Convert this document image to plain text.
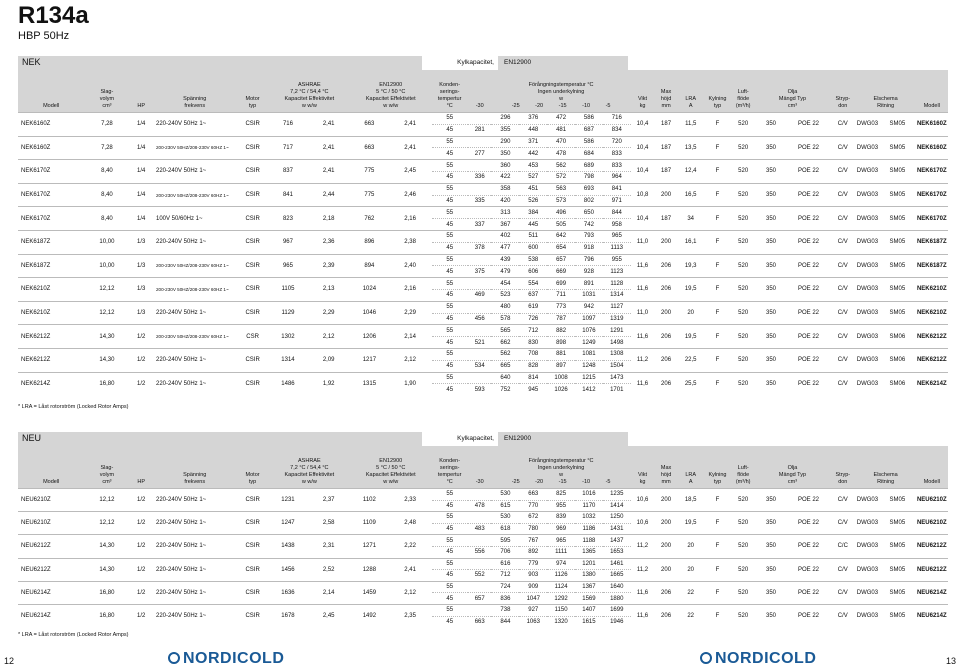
R134a
HBP 50Hz
NEK	Kylkapacitet,	EN12900
Modell	Slag-
volym
cm³	HP	Spänning
frekvens	Motor
typ	ASHRAE
7,2 °C / 54,4 °C
Kapacitet Effektivitet
w w/w	EN12900
5 °C / 50 °C
Kapacitet Effektivitet
w w/w	Konden-
serings-
tempertur
°C	-30	Förångningstemperatur °C
Ingen underkylning
w
-25 -20 -15 -10 -5	Vikt
kg	Max
höjd
mm	LRA
A	Kylning
typ	Luft-
flöde
(m³/h)	Olja
Mängd Typ
cm³	Stryp-
don	Elschema
Ritning	Modell
NEK6160Z	7,28	1/4	220-240V 50Hz 1~	CSIR	716	2,41	663	2,41	55		296	376	472	586	716	10,4	187	11,5	F	520	350	POE 22	C/V	DWG03	SM05	NEK6160Z
									45	281	355	448	481	687	834											
NEK6160Z	7,28	1/4	200-230V 50HZ/208-230V 60HZ 1~	CSIR	717	2,41	663	2,41	55		290	371	470	586	720	10,4	187	13,5	F	520	350	POE 22	C/V	DWG03	SM05	NEK6160Z
									45	277	350	442	478	684	833											
NEK6170Z	8,40	1/4	220-240V 50Hz 1~	CSIR	837	2,41	775	2,45	55		360	453	562	689	833	10,4	187	12,4	F	520	350	POE 22	C/V	DWG03	SM05	NEK6170Z
									45	336	422	527	572	798	964											
NEK6170Z	8,40	1/4	200-230V 50HZ/208-230V 60HZ 1~	CSIR	841	2,44	775	2,46	55		358	451	563	693	841	10,8	200	16,5	F	520	350	POE 22	C/V	DWG03	SM05	NEK6170Z
									45	335	420	526	573	802	971											
NEK6170Z	8,40	1/4	100V 50/60Hz 1~	CSIR	823	2,18	762	2,16	55		313	384	496	650	844	10,4	187	34	F	520	350	POE 22	C/V	DWG03	SM05	NEK6170Z
									45	337	367	445	505	742	958											
NEK6187Z	10,00	1/3	220-240V 50Hz 1~	CSIR	967	2,36	896	2,38	55		402	511	642	793	965	11,0	200	16,1	F	520	350	POE 22	C/V	DWG03	SM05	NEK6187Z
									45	378	477	600	654	918	1113											
NEK6187Z	10,00	1/3	200-230V 50HZ/208-230V 60HZ 1~	CSIR	965	2,39	894	2,40	55		439	538	657	796	955	11,6	206	19,3	F	520	350	POE 22	C/V	DWG03	SM05	NEK6187Z
									45	375	479	606	669	928	1123											
NEK6210Z	12,12	1/3	200-230V 50HZ/208-230V 60HZ 1~	CSIR	1105	2,13	1024	2,16	55		454	554	699	891	1128	11,6	206	19,5	F	520	350	POE 22	C/V	DWG03	SM05	NEK6210Z
									45	469	523	637	711	1031	1314											
NEK6210Z	12,12	1/3	220-240V 50Hz 1~	CSIR	1129	2,29	1046	2,29	55		480	619	773	942	1127	11,0	200	20	F	520	350	POE 22	C/V	DWG03	SM05	NEK6210Z
									45	456	578	726	787	1097	1319											
NEK6212Z	14,30	1/2	200-230V 50HZ/208-230V 60HZ 1~	CSR	1302	2,12	1206	2,14	55		565	712	882	1076	1291	11,6	206	19,5	F	520	350	POE 22	C/V	DWG03	SM06	NEK6212Z
									45	521	662	830	898	1249	1498											
NEK6212Z	14,30	1/2	220-240V 50Hz 1~	CSIR	1314	2,09	1217	2,12	55		562	708	881	1081	1308	11,2	206	22,5	F	520	350	POE 22	C/V	DWG03	SM06	NEK6212Z
									45	534	665	828	897	1248	1504											
NEK6214Z	16,80	1/2	220-240V 50Hz 1~	CSIR	1486	1,92	1315	1,90	55		640	814	1008	1215	1473	11,6	206	25,5	F	520	350	POE 22	C/V	DWG03	SM06	NEK6214Z
									45	593	752	945	1026	1412	1701											
* LRA = Låst rotorström (Locked Rotor Amps)
NEU	Kylkapacitet,	EN12900
Modell	Slag-
volym
cm³	HP	Spänning
frekvens	Motor
typ	ASHRAE
7,2 °C / 54,4 °C
Kapacitet Effektivitet
w w/w	EN12900
5 °C / 50 °C
Kapacitet Effektivitet
w w/w	Konden-
serings-
tempertur
°C	-30	Förångningstemperatur °C
Ingen underkylning
w
-25 -20 -15 -10 -5	Vikt
kg	Max
höjd
mm	LRA
A	Kylning
typ	Luft-
flöde
(m³/h)	Olja
Mängd Typ
cm³	Stryp-
don	Elschema
Ritning	Modell
NEU6210Z	12,12	1/2	220-240V 50Hz 1~	CSIR	1231	2,37	1102	2,33	55		530	663	825	1016	1235	10,6	200	18,5	F	520	350	POE 22	C/V	DWG03	SM05	NEU6210Z
									45	478	615	770	955	1170	1414											
NEU6210Z	12,12	1/2	220-240V 50Hz 1~	CSIR	1247	2,58	1109	2,48	55		530	672	839	1032	1250	10,6	200	19,5	F	520	350	POE 22	C/V	DWG03	SM05	NEU6210Z
									45	483	618	780	969	1186	1431											
NEU6212Z	14,30	1/2	220-240V 50Hz 1~	CSIR	1438	2,31	1271	2,22	55		595	767	965	1188	1437	11,2	200	20	F	520	350	POE 22	C/C	DWG03	SM05	NEU6212Z
									45	556	706	892	1111	1365	1653											
NEU6212Z	14,30	1/2	220-240V 50Hz 1~	CSIR	1456	2,52	1288	2,41	55		616	779	974	1201	1461	11,2	200	20	F	520	350	POE 22	C/V	DWG03	SM05	NEU6212Z
									45	552	712	903	1126	1380	1665											
NEU6214Z	16,80	1/2	220-240V 50Hz 1~	CSIR	1636	2,14	1459	2,12	55		724	909	1124	1367	1640	11,6	206	22	F	520	350	POE 22	C/V	DWG03	SM05	NEU6214Z
									45	657	836	1047	1292	1569	1880											
NEU6214Z	16,80	1/2	220-240V 50Hz 1~	CSIR	1678	2,45	1492	2,35	55		738	927	1150	1407	1699	11,6	206	22	F	520	350	POE 22	C/V	DWG03	SM05	NEU6214Z
									45	663	844	1063	1320	1615	1946											
* LRA = Låst rotorström (Locked Rotor Amps)
12	13
NORDICOLD	NORDICOLD
